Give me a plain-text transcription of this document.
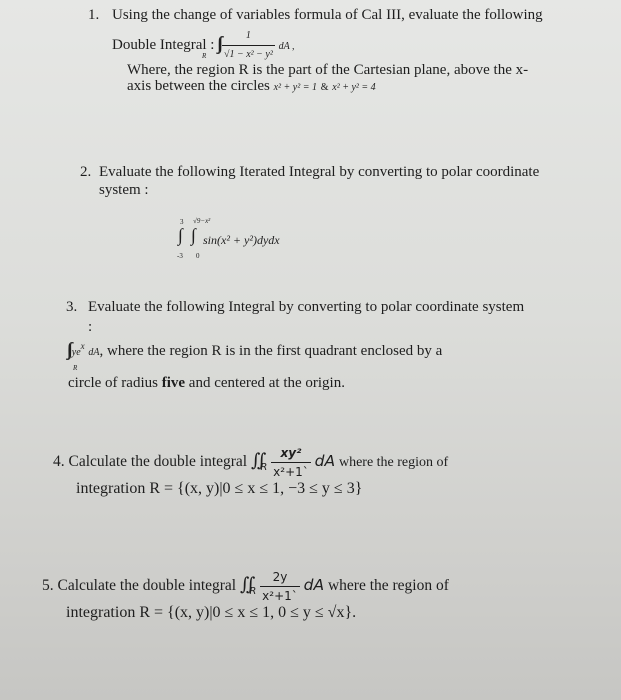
1. Using the change of variables formula of Cal III, evaluate the following
Double Integral : $\frac{1}{\text{√1 − x² − y²}}$ dA ,
R
Where, the region R is the part of the Cartesian plane, above the x-
axis between the circles x² + y² = 1 & x² + y² = 4
2. Evaluate the following Iterated Integral by converting to polar coordinate
system :
3 √9−x²
∫ ∫ sin(x² + y²)dydx
-3 0
3. Evaluate the following Integral by converting to polar coordinate system
:
$ye^x$ dA, where the region R is in the first quadrant enclosed by a
R
circle of radius five and centered at the origin.
4. Calculate the double integral $∬_R \frac{\text{xy²}}{\text{x²+1`}}$ dA where the region of
integration R = {(x, y)|0 ≤ x ≤ 1, −3 ≤ y ≤ 3}
5. Calculate the double integral $∬_R \frac{2y}{\text{x²+1`}}$ dA where the region of
integration R = {(x, y)|0 ≤ x ≤ 1, 0 ≤ y ≤ √x}.
